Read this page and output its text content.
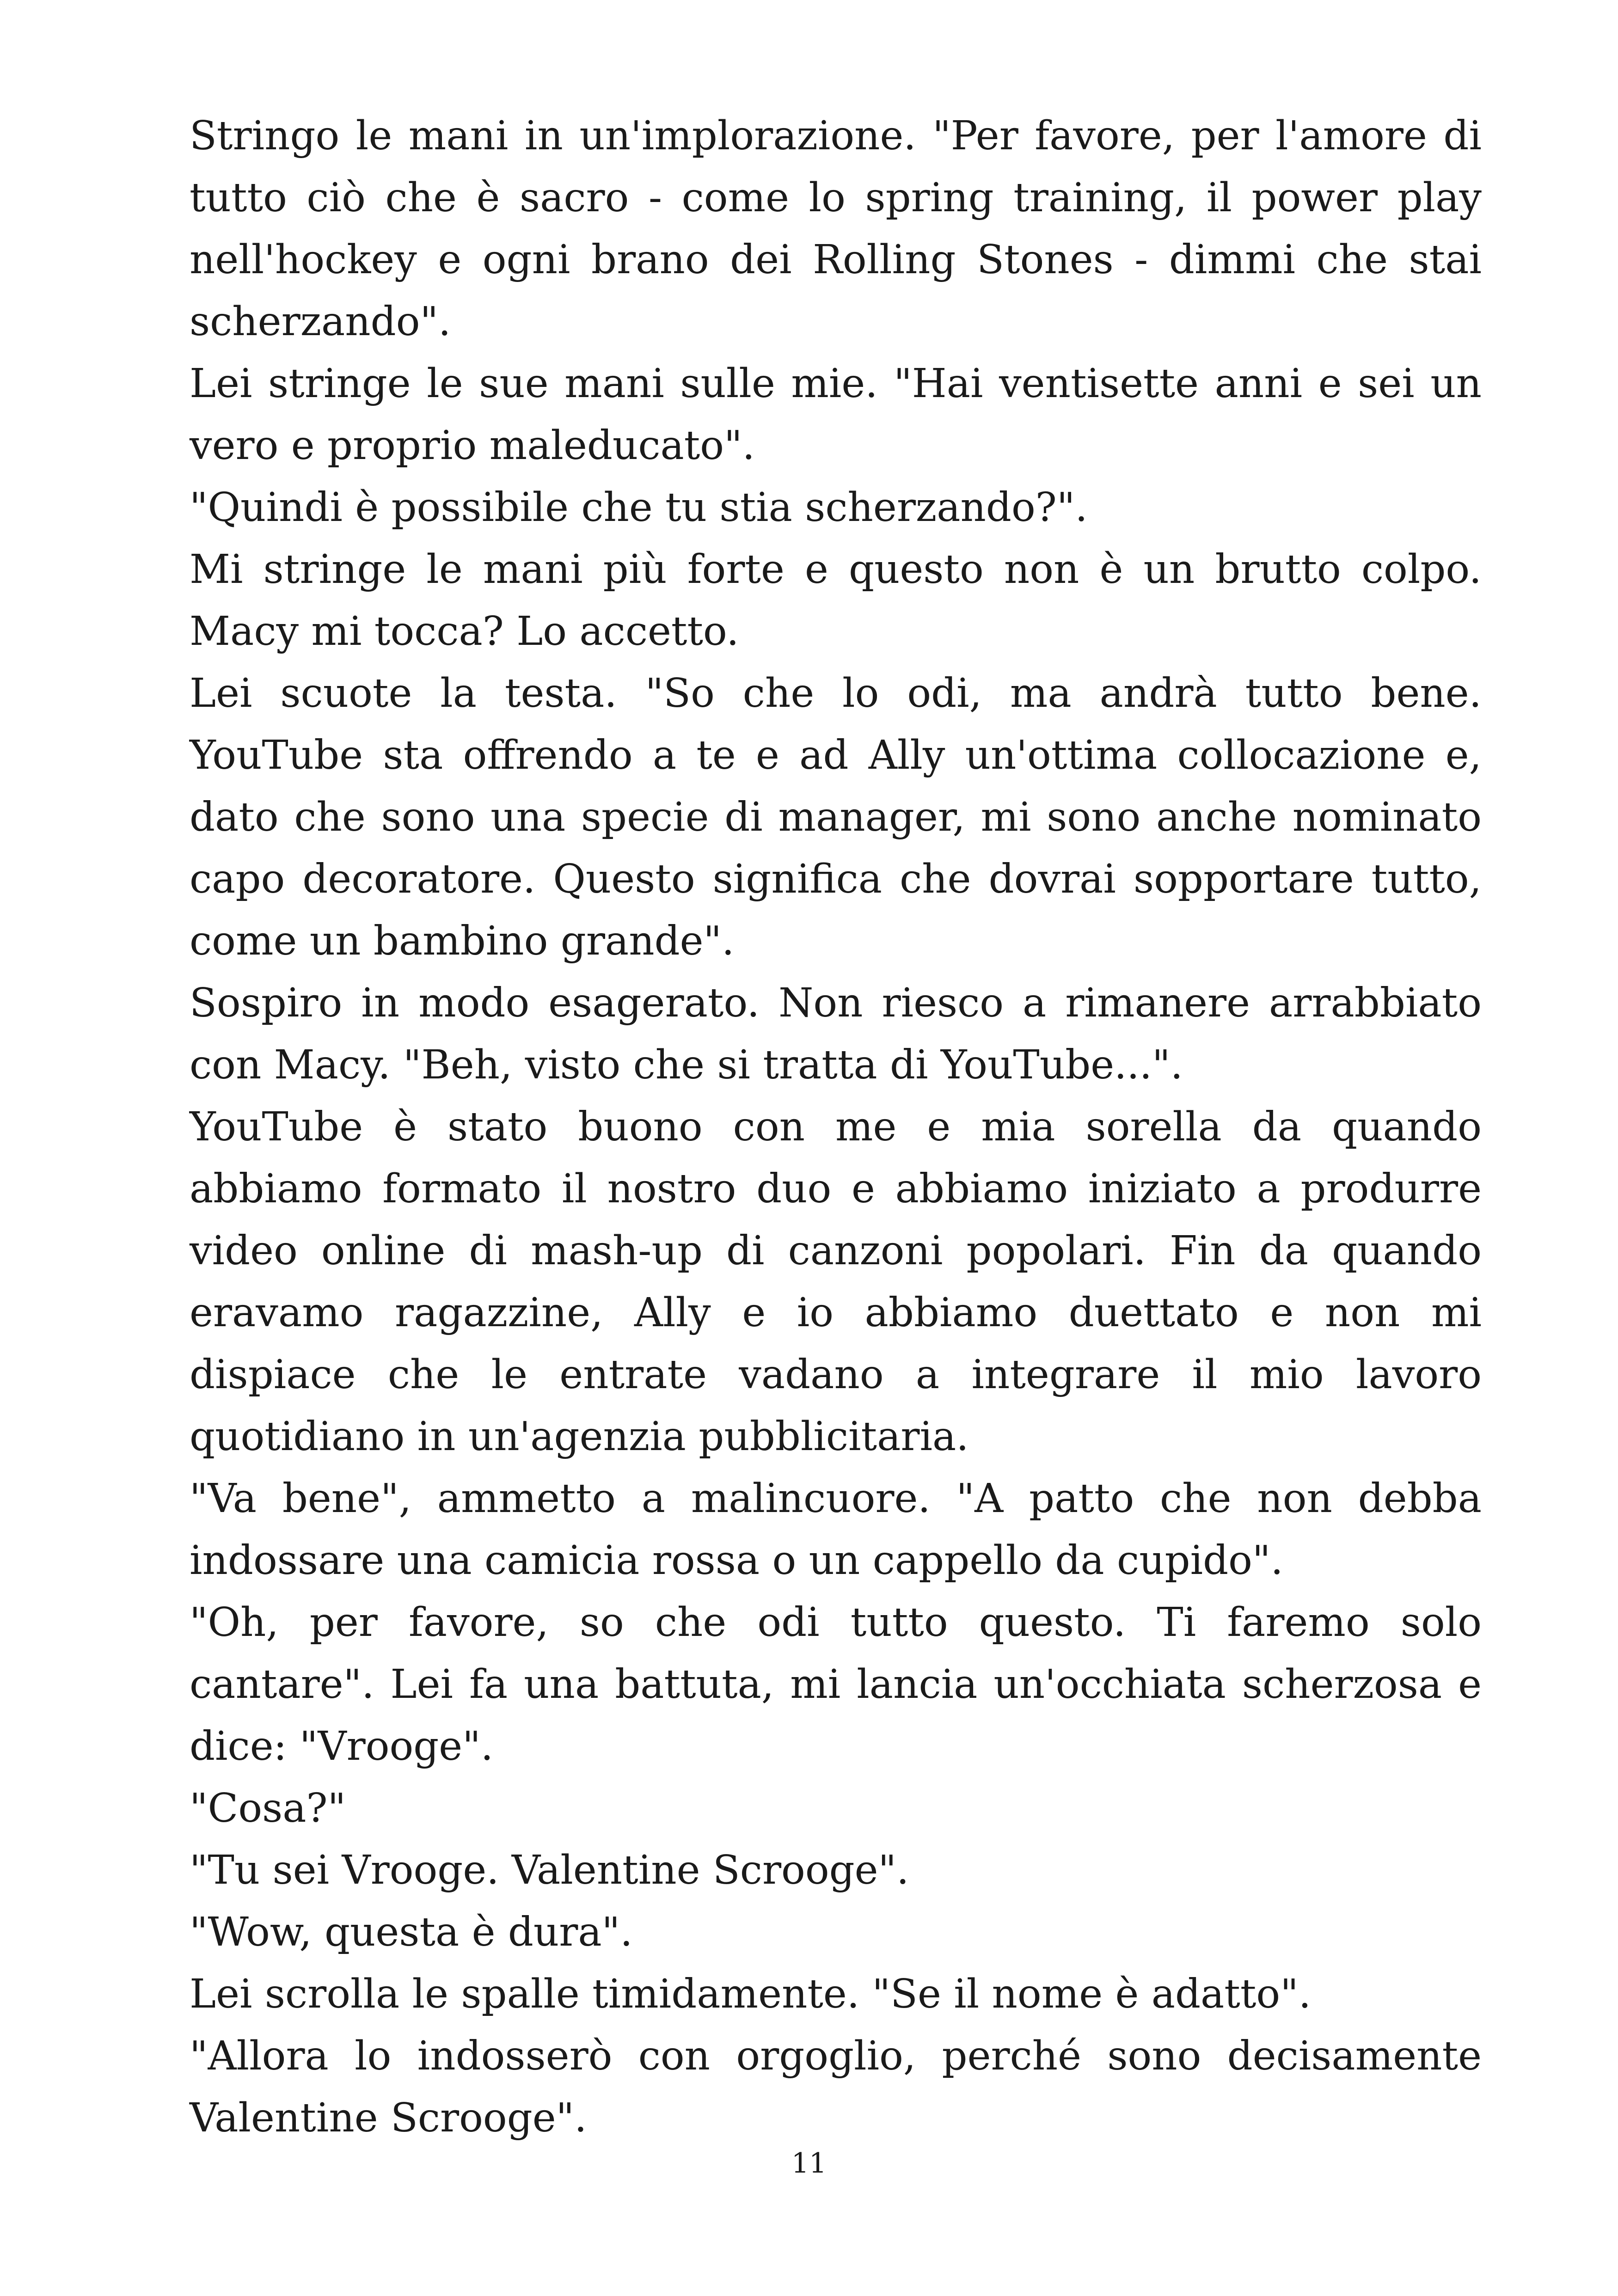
Stringo le mani in un'implorazione. "Per favore, per l'amore di tutto ciò che è sacro - come lo spring training, il power play nell'hockey e ogni brano dei Rolling Stones - dimmi che stai scherzando".

Lei stringe le sue mani sulle mie. "Hai ventisette anni e sei un vero e proprio maleducato".

"Quindi è possibile che tu stia scherzando?".

Mi stringe le mani più forte e questo non è un brutto colpo. Macy mi tocca? Lo accetto.

Lei scuote la testa. "So che lo odi, ma andrà tutto bene. YouTube sta offrendo a te e ad Ally un'ottima collocazione e, dato che sono una specie di manager, mi sono anche nominato capo decoratore. Questo significa che dovrai sopportare tutto, come un bambino grande".

Sospiro in modo esagerato. Non riesco a rimanere arrabbiato con Macy. "Beh, visto che si tratta di YouTube...".

YouTube è stato buono con me e mia sorella da quando abbiamo formato il nostro duo e abbiamo iniziato a produrre video online di mash-up di canzoni popolari. Fin da quando eravamo ragazzine, Ally e io abbiamo duettato e non mi dispiace che le entrate vadano a integrare il mio lavoro quotidiano in un'agenzia pubblicitaria.

"Va bene", ammetto a malincuore. "A patto che non debba indossare una camicia rossa o un cappello da cupido".

"Oh, per favore, so che odi tutto questo. Ti faremo solo cantare". Lei fa una battuta, mi lancia un'occhiata scherzosa e dice: "Vrooge".

"Cosa?"

"Tu sei Vrooge. Valentine Scrooge".

"Wow, questa è dura".

Lei scrolla le spalle timidamente. "Se il nome è adatto".

"Allora lo indosserò con orgoglio, perché sono decisamente Valentine Scrooge".

11
